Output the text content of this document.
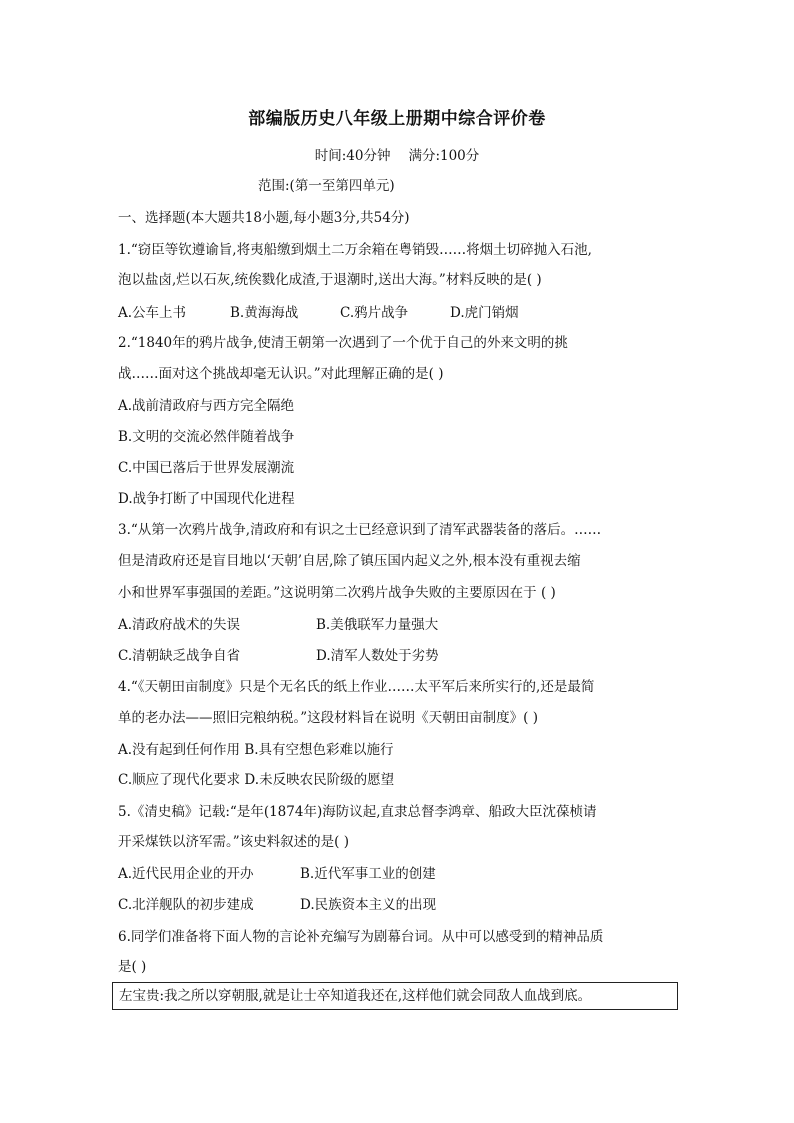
部编版历史八年级上册期中综合评价卷
时间:40分钟 满分:100分
范围:(第一至第四单元)
一、选择题(本大题共18小题,每小题3分,共54分)
1.“窃臣等钦遵谕旨,将夷船缴到烟土二万余箱在粤销毁……将烟土切碎抛入石池,
泡以盐卤,烂以石灰,统俟戮化成渣,于退潮时,送出大海。”材料反映的是( )
A.公车上书	B.黄海海战	C.鸦片战争	D.虎门销烟
2.“1840年的鸦片战争,使清王朝第一次遇到了一个优于自己的外来文明的挑
战……面对这个挑战却毫无认识。”对此理解正确的是( )
A.战前清政府与西方完全隔绝
B.文明的交流必然伴随着战争
C.中国已落后于世界发展潮流
D.战争打断了中国现代化进程
3.“从第一次鸦片战争,清政府和有识之士已经意识到了清军武器装备的落后。……
但是清政府还是盲目地以‘天朝’自居,除了镇压国内起义之外,根本没有重视去缩
小和世界军事强国的差距。”这说明第二次鸦片战争失败的主要原因在于 ( )
A.清政府战术的失误	B.美俄联军力量强大
C.清朝缺乏战争自省	D.清军人数处于劣势
4.“《天朝田亩制度》只是个无名氏的纸上作业……太平军后来所实行的,还是最简
单的老办法——照旧完粮纳税。”这段材料旨在说明《天朝田亩制度》( )
A.没有起到任何作用 B.具有空想色彩难以施行
C.顺应了现代化要求 D.未反映农民阶级的愿望
5.《清史稿》记载:“是年(1874年)海防议起,直隶总督李鸿章、船政大臣沈葆桢请
开采煤铁以济军需。”该史料叙述的是( )
A.近代民用企业的开办	B.近代军事工业的创建
C.北洋舰队的初步建成	D.民族资本主义的出现
6.同学们准备将下面人物的言论补充编写为剧幕台词。从中可以感受到的精神品质
是( )
左宝贵:我之所以穿朝服,就是让士卒知道我还在,这样他们就会同敌人血战到底。
